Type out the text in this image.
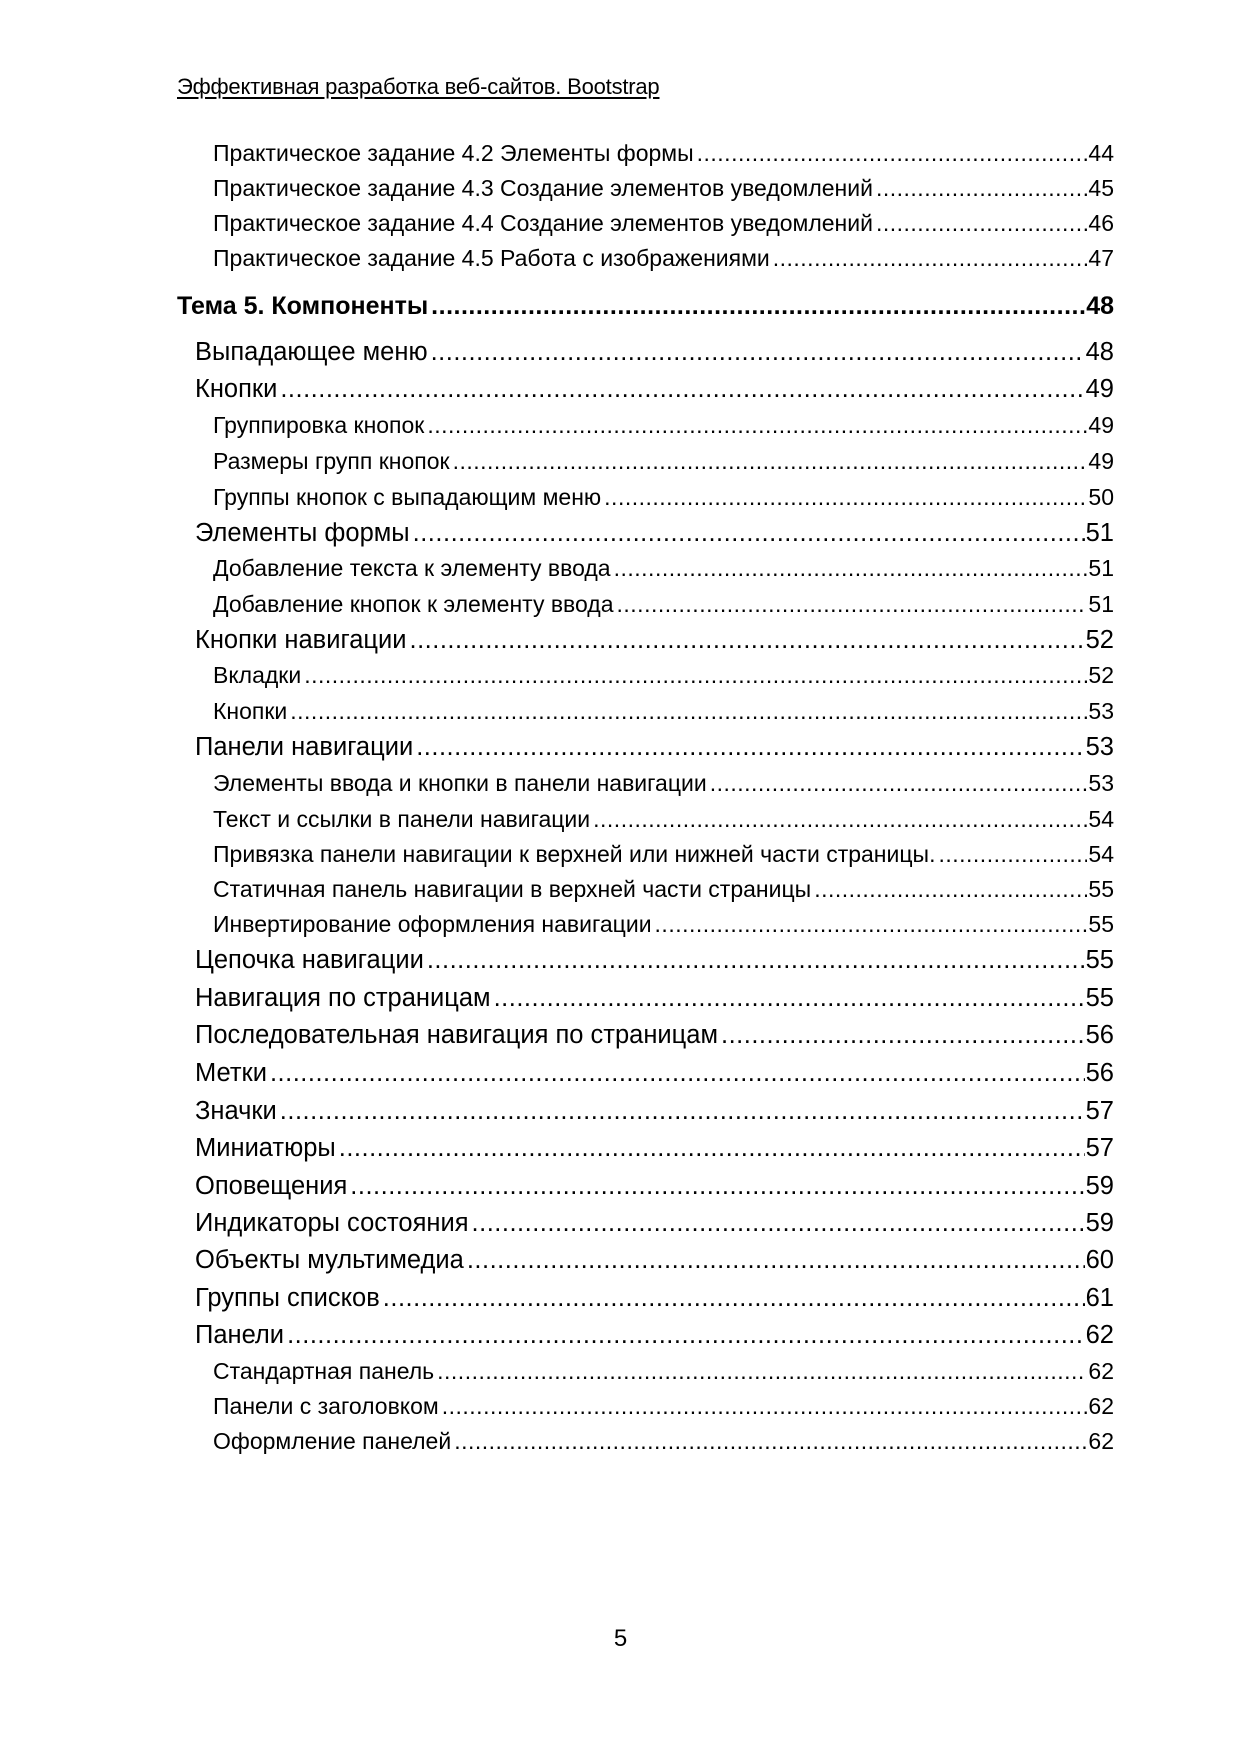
Эффективная разработка веб-сайтов. Bootstrap
Практическое задание 4.2 Элементы формы .....	44
Практическое задание 4.3 Создание элементов уведомлений .....	45
Практическое задание 4.4 Создание элементов уведомлений .....	46
Практическое задание 4.5 Работа с изображениями .....	47
Тема 5. Компоненты .....	48
Выпадающее меню .....	48
Кнопки .....	49
Группировка кнопок .....	49
Размеры групп кнопок .....	49
Группы кнопок с выпадающим меню .....	50
Элементы формы .....	51
Добавление текста к элементу ввода .....	51
Добавление кнопок к элементу ввода .....	51
Кнопки навигации .....	52
Вкладки .....	52
Кнопки .....	53
Панели навигации .....	53
Элементы ввода и кнопки в панели навигации .....	53
Текст и ссылки в панели навигации .....	54
Привязка панели навигации к верхней или нижней части страницы. .....	54
Статичная панель навигации в верхней части страницы .....	55
Инвертирование оформления навигации .....	55
Цепочка навигации .....	55
Навигация по страницам .....	55
Последовательная навигация по страницам .....	56
Метки .....	56
Значки .....	57
Миниатюры .....	57
Оповещения .....	59
Индикаторы состояния .....	59
Объекты мультимедиа .....	60
Группы списков .....	61
Панели .....	62
Стандартная панель .....	62
Панели с заголовком .....	62
Оформление панелей .....	62
5
